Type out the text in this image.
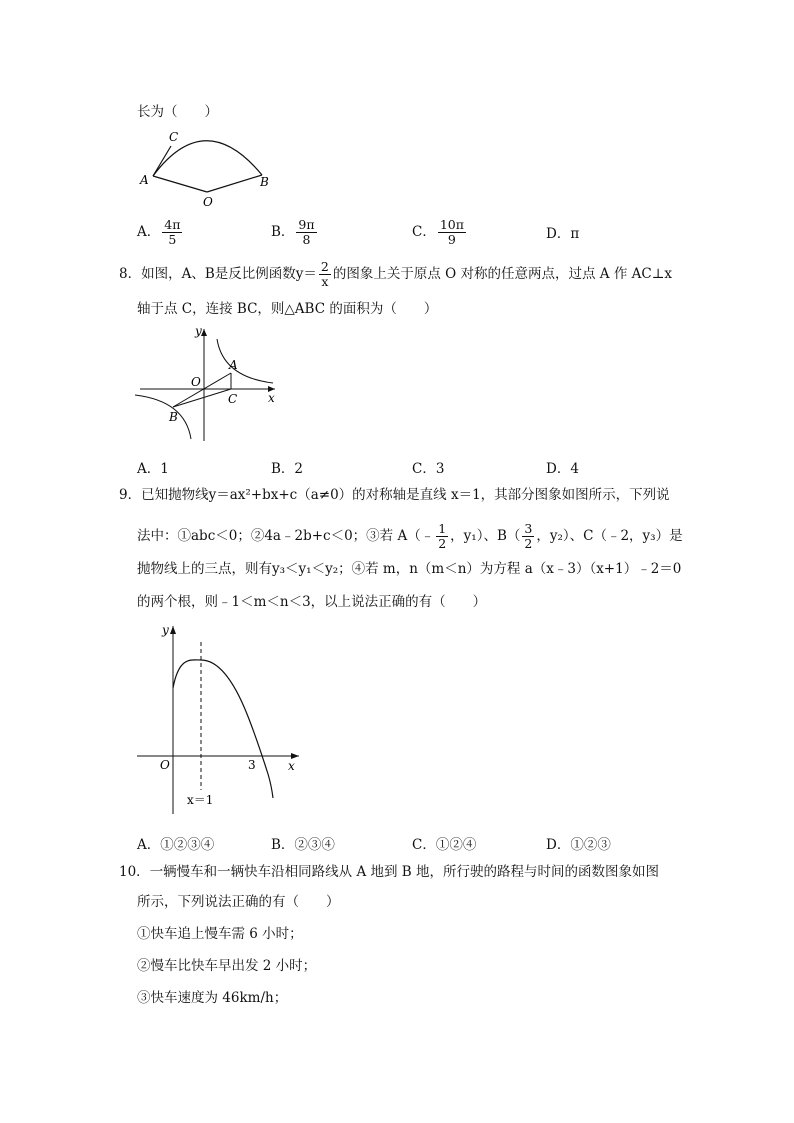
长为（　　）
C
A	B
O
A． $\frac{4\pi}{5}$	B． $\frac{9\pi}{8}$	C． $\frac{10\pi}{9}$	D．π
8．如图，A、B是反比例函数$y= \frac{2}{x}$ 的图象上关于原点 O 对称的任意两点，过点 A 作 AC⊥x
轴于点 C，连接 BC，则△ABC 的面积为（　　）
y
x
O
A
B
C
A．1	B．2	C．3	D．4
9．已知抛物线y＝ax²+bx+c（a≠0）的对称轴是直线 x＝1，其部分图象如图所示，下列说
法中：①abc＜0；②4a﹣2b+c＜0；③若 A（﹣ $\frac{1}{2}$ ，y₁）、$B( \frac{3}{2}$ ，y₂）、C（﹣2，y₃）是
抛物线上的三点，则有y₃＜y₁＜y₂；④若 m，n（m＜n）为方程 a（x﹣3）（x+1）﹣2＝0
的两个根，则﹣1＜m＜n＜3，以上说法正确的有（　　）
y
x
O	3
x＝1
A．①②③④	B．②③④	C．①②④	D．①②③
10．一辆慢车和一辆快车沿相同路线从 A 地到 B 地，所行驶的路程与时间的函数图象如图
所示，下列说法正确的有（　　）
①快车追上慢车需 6 小时；
②慢车比快车早出发 2 小时；
③快车速度为 46km/h；
